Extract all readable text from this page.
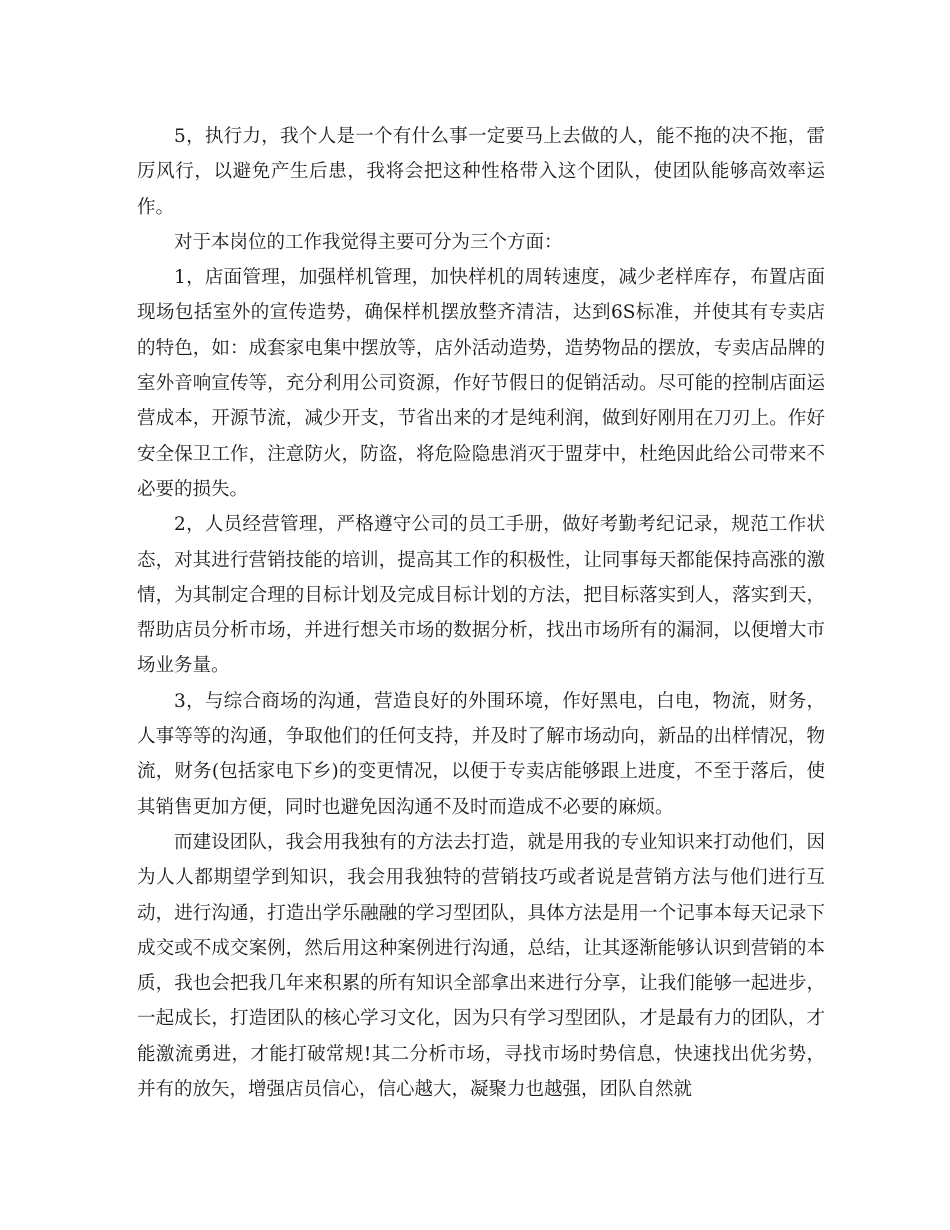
5，执行力，我个人是一个有什么事一定要马上去做的人，能不拖的决不拖，雷厉风行，以避免产生后患，我将会把这种性格带入这个团队，使团队能够高效率运作。

对于本岗位的工作我觉得主要可分为三个方面：

1，店面管理，加强样机管理，加快样机的周转速度，减少老样库存，布置店面现场包括室外的宣传造势，确保样机摆放整齐清洁，达到6S标准，并使其有专卖店的特色，如：成套家电集中摆放等，店外活动造势，造势物品的摆放，专卖店品牌的室外音响宣传等，充分利用公司资源，作好节假日的促销活动。尽可能的控制店面运营成本，开源节流，减少开支，节省出来的才是纯利润，做到好刚用在刀刃上。作好安全保卫工作，注意防火，防盗，将危险隐患消灭于盟芽中，杜绝因此给公司带来不必要的损失。

2，人员经营管理，严格遵守公司的员工手册，做好考勤考纪记录，规范工作状态，对其进行营销技能的培训，提高其工作的积极性，让同事每天都能保持高涨的激情，为其制定合理的目标计划及完成目标计划的方法，把目标落实到人，落实到天，帮助店员分析市场，并进行想关市场的数据分析，找出市场所有的漏洞，以便增大市场业务量。

3，与综合商场的沟通，营造良好的外围环境，作好黑电，白电，物流，财务，人事等等的沟通，争取他们的任何支持，并及时了解市场动向，新品的出样情况，物流，财务(包括家电下乡)的变更情况，以便于专卖店能够跟上进度，不至于落后，使其销售更加方便，同时也避免因沟通不及时而造成不必要的麻烦。

而建设团队，我会用我独有的方法去打造，就是用我的专业知识来打动他们，因为人人都期望学到知识，我会用我独特的营销技巧或者说是营销方法与他们进行互动，进行沟通，打造出学乐融融的学习型团队，具体方法是用一个记事本每天记录下成交或不成交案例，然后用这种案例进行沟通，总结，让其逐渐能够认识到营销的本质，我也会把我几年来积累的所有知识全部拿出来进行分享，让我们能够一起进步，一起成长，打造团队的核心学习文化，因为只有学习型团队，才是最有力的团队，才能激流勇进，才能打破常规!其二分析市场，寻找市场时势信息，快速找出优劣势，并有的放矢，增强店员信心，信心越大，凝聚力也越强，团队自然就
